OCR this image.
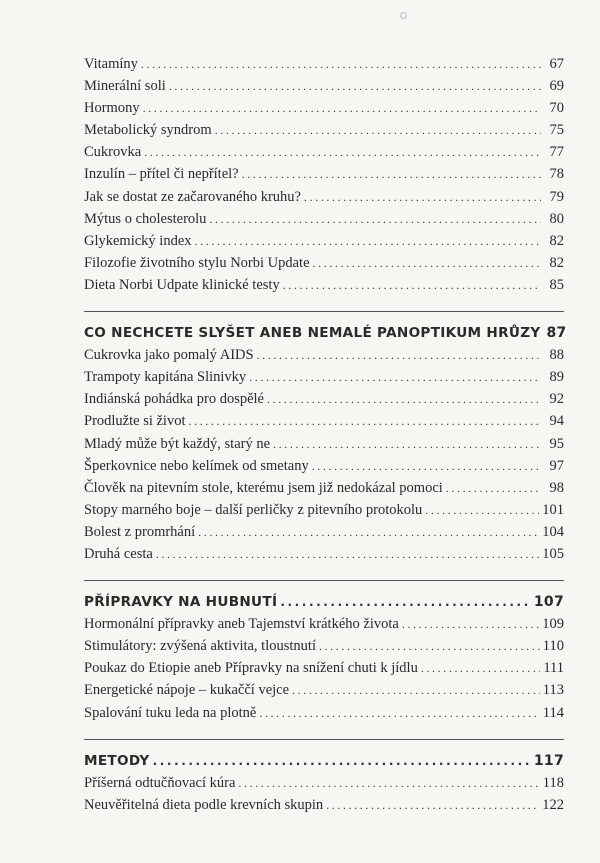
Vitamíny .....	67
Minerální soli .....	69
Hormony .....	70
Metabolický syndrom .....	75
Cukrovka .....	77
Inzulín – přítel či nepřítel? .....	78
Jak se dostat ze začarovaného kruhu? .....	79
Mýtus o cholesterolu .....	80
Glykemický index .....	82
Filozofie životního stylu Norbi Update .....	82
Dieta Norbi Udpate klinické testy .....	85
CO NECHCETE SLYŠET ANEB NEMALÉ PANOPTIKUM HRŮZY 87
Cukrovka jako pomalý AIDS .....	88
Trampoty kapitána Slinivky .....	89
Indiánská pohádka pro dospělé .....	92
Prodlužte si život .....	94
Mladý může být každý, starý ne .....	95
Šperkovnice nebo kelímek od smetany .....	97
Člověk na pitevním stole, kterému jsem již nedokázal pomoci .....	98
Stopy marného boje – další perličky z pitevního protokolu .....	101
Bolest z promrhání .....	104
Druhá cesta .....	105
PŘÍPRAVKY NA HUBNUTÍ .....	107
Hormonální přípravky aneb Tajemství krátkého života .....	109
Stimulátory: zvýšená aktivita, tloustnutí .....	110
Poukaz do Etiopie aneb Přípravky na snížení chuti k jídlu .....	111
Energetické nápoje – kukaččí vejce .....	113
Spalování tuku leda na plotně .....	114
METODY .....	117
Příšerná odtučňovací kúra .....	118
Neuvěřitelná dieta podle krevních skupin .....	122
